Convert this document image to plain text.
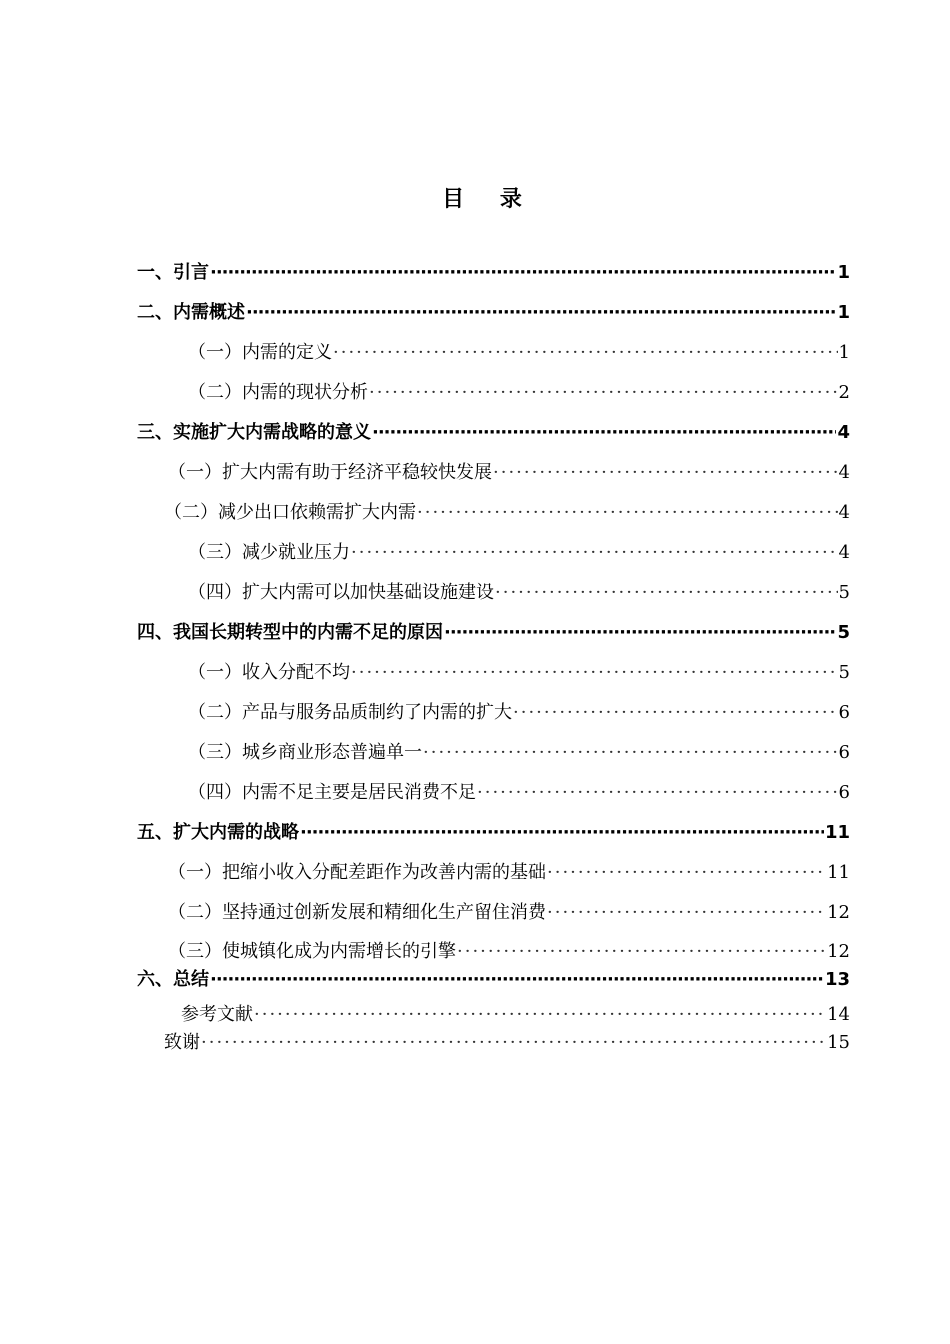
目 录
一、引言 ·····	1
二、内需概述 ·····	1
（一）内需的定义 ·····	1
（二）内需的现状分析 ·····	2
三、实施扩大内需战略的意义 ·····	4
（一）扩大内需有助于经济平稳较快发展 ·····	4
（二）减少出口依赖需扩大内需 ·····	4
（三）减少就业压力 ·····	4
（四）扩大内需可以加快基础设施建设 ·····	5
四、我国长期转型中的内需不足的原因 ·····	5
（一）收入分配不均 ·····	5
（二）产品与服务品质制约了内需的扩大 ·····	6
（三）城乡商业形态普遍单一 ·····	6
（四）内需不足主要是居民消费不足 ·····	6
五、扩大内需的战略 ·····	11
（一）把缩小收入分配差距作为改善内需的基础 ·····	11
（二）坚持通过创新发展和精细化生产留住消费 ·····	12
（三）使城镇化成为内需增长的引擎 ·····	12
六、总结 ·····	13
参考文献 ·····	14
致谢 ·····	15
